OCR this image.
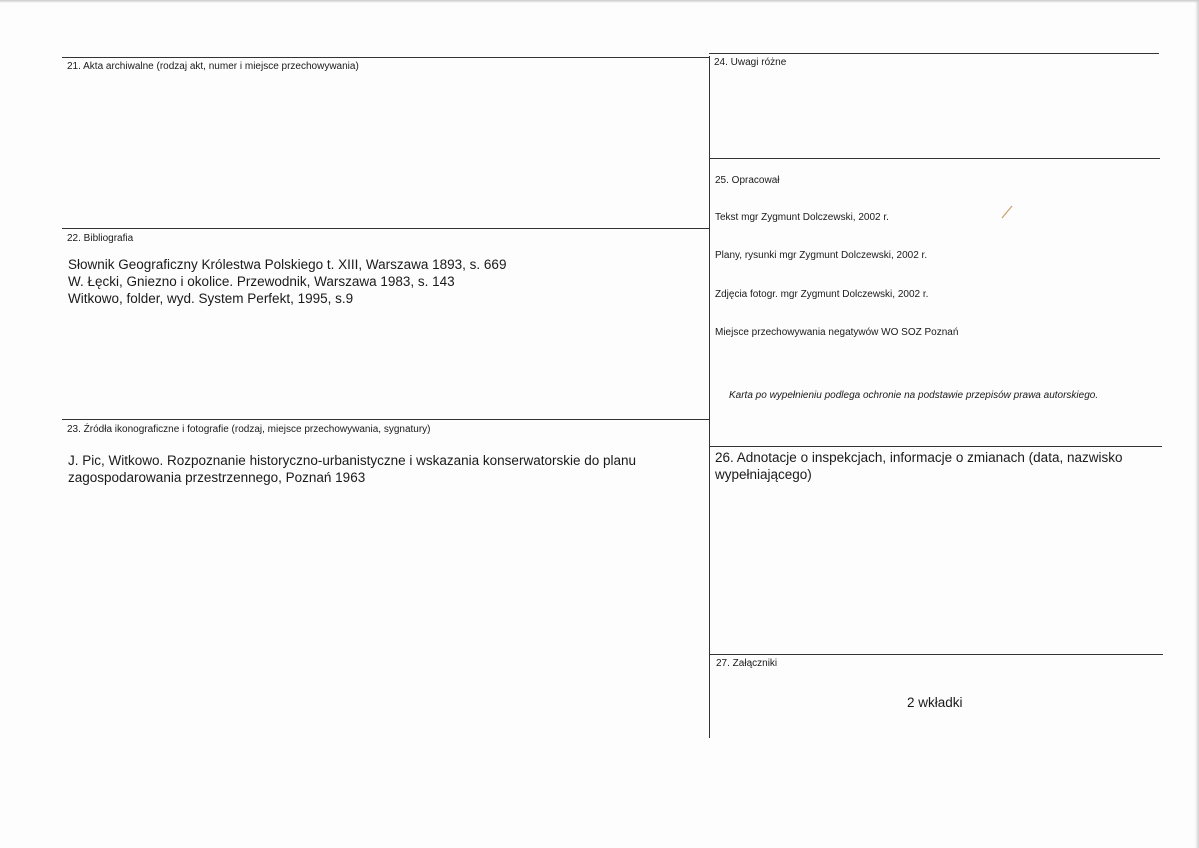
21. Akta archiwalne (rodzaj akt, numer i miejsce przechowywania)
22. Bibliografia
Słownik Geograficzny Królestwa Polskiego t. XIII, Warszawa 1893, s. 669
W. Łęcki, Gniezno i okolice. Przewodnik, Warszawa 1983, s. 143
Witkowo, folder, wyd. System Perfekt, 1995, s.9
23. Źródła ikonograficzne i fotografie (rodzaj, miejsce przechowywania, sygnatury)
J. Pic, Witkowo. Rozpoznanie historyczno-urbanistyczne i wskazania konserwatorskie do planu
zagospodarowania przestrzennego, Poznań 1963
24. Uwagi różne
25. Opracował
Tekst mgr Zygmunt Dolczewski, 2002 r.
Plany, rysunki mgr Zygmunt Dolczewski, 2002 r.
Zdjęcia fotogr. mgr Zygmunt Dolczewski, 2002 r.
Miejsce przechowywania negatywów WO SOZ Poznań
Karta po wypełnieniu podlega ochronie na podstawie przepisów prawa autorskiego.
26. Adnotacje o inspekcjach, informacje o zmianach (data, nazwisko
wypełniającego)
27. Załączniki
2 wkładki
